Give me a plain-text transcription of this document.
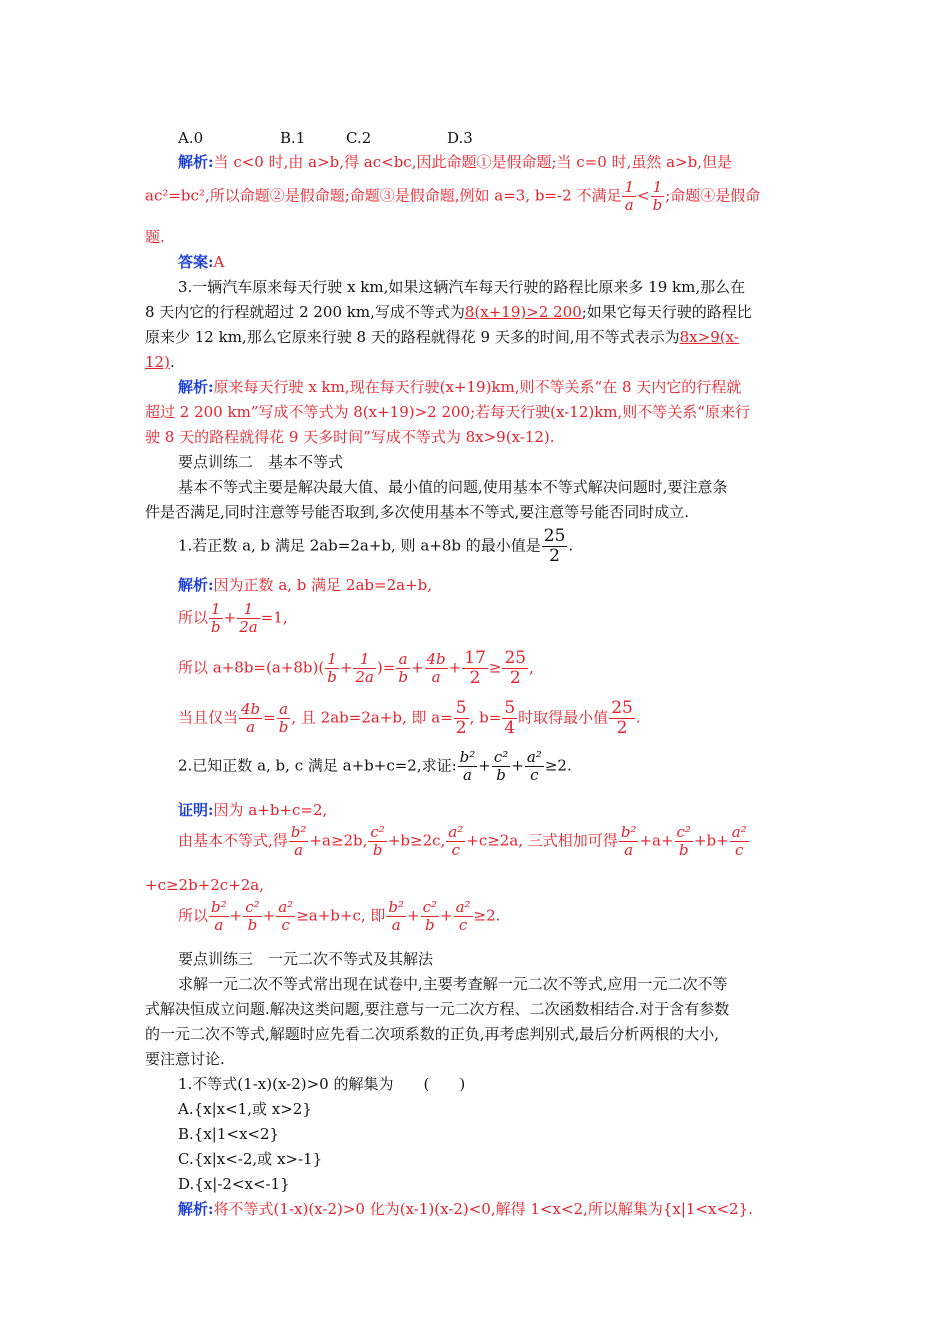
A.0	B.1	C.2	D.3
解析:当 c<0 时,由 a>b,得 ac<bc,因此命题①是假命题;当 c=0 时,虽然 a>b,但是
ac²=bc²,所以命题②是假命题;命题③是假命题,例如 a=3, b=-2 不满足 $\frac{1}{a} < \frac{1}{b}$ ;命题④是假命
题.
答案:A
3.一辆汽车原来每天行驶 x km,如果这辆汽车每天行驶的路程比原来多 19 km,那么在
8 天内它的行程就超过 2 200 km,写成不等式为8(x+19)>2 200;如果它每天行驶的路程比
原来少 12 km,那么它原来行驶 8 天的路程就得花 9 天多的时间,用不等式表示为8x>9(x-
12).
解析:原来每天行驶 x km,现在每天行驶(x+19)km,则不等关系“在 8 天内它的行程就
超过 2 200 km”写成不等式为 8(x+19)>2 200;若每天行驶(x-12)km,则不等关系“原来行
驶 8 天的路程就得花 9 天多时间”写成不等式为 8x>9(x-12).
要点训练二　基本不等式
基本不等式主要是解决最大值、最小值的问题,使用基本不等式解决问题时,要注意条
件是否满足,同时注意等号能否取到,多次使用基本不等式,要注意等号能否同时成立.
1.若正数 a, b 满足 2ab=2a+b, 则 a+8b 的最小值是 $\frac{25}{2}$ .
解析:因为正数 a, b 满足 2ab=2a+b,
所以 $\frac{1}{b} + \frac{1}{2a} =1$,
所以 $a+8b=(a+8b)( \frac{1}{b} + \frac{1}{2a}$ )= $\frac{a}{b} + \frac{4b}{a} + \frac{17}{2} \ge \frac{25}{2}$ ,
当且仅当 $\frac{4b}{a} = \frac{a}{b}$ , 且 2ab=2a+b, 即 $a= \frac{5}{2}$ , $b= \frac{5}{4}$ 时取得最小值 $\frac{25}{2}$ .
2.已知正数 a, b, c 满足 a+b+c=2,求证: $\frac{\text{b²}}{a} + \frac{\text{c²}}{b} + \frac{\text{a²}}{c} \ge 2$.
证明:因为 a+b+c=2,
由基本不等式,得 $\frac{\text{b²}}{a} +a\ge 2b$, $\frac{\text{c²}}{b} +b\ge 2c$, $\frac{\text{a²}}{c} +c\ge 2a$, 三式相加可得 $\frac{\text{b²}}{a} +a+ \frac{\text{c²}}{b} +b+ \frac{\text{a²}}{c}$
+c≥2b+2c+2a,
所以 $\frac{\text{b²}}{a} + \frac{\text{c²}}{b} + \frac{\text{a²}}{c} \ge a+b+c$, 即 $\frac{\text{b²}}{a} + \frac{\text{c²}}{b} + \frac{\text{a²}}{c} \ge 2$.
要点训练三　一元二次不等式及其解法
求解一元二次不等式常出现在试卷中,主要考查解一元二次不等式,应用一元二次不等
式解决恒成立问题.解决这类问题,要注意与一元二次方程、二次函数相结合.对于含有参数
的一元二次不等式,解题时应先看二次项系数的正负,再考虑判别式,最后分析两根的大小,
要注意讨论.
1.不等式(1-x)(x-2)>0 的解集为　　(　　)
A.{x|x<1,或 x>2}
B.{x|1<x<2}
C.{x|x<-2,或 x>-1}
D.{x|-2<x<-1}
解析:将不等式(1-x)(x-2)>0 化为(x-1)(x-2)<0,解得 1<x<2,所以解集为{x|1<x<2}.
